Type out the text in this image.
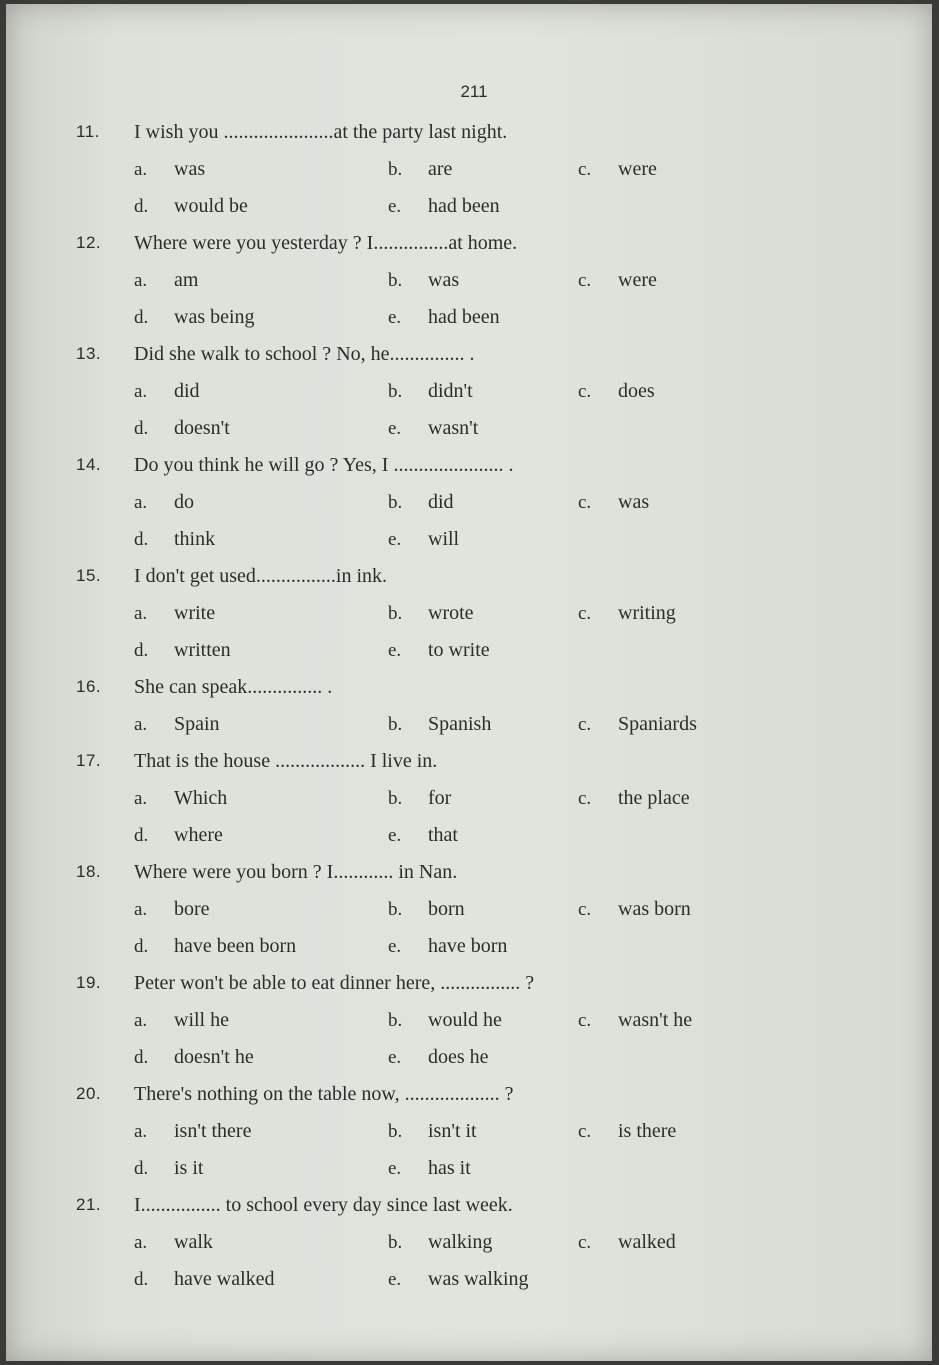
211
11.	I wish you ......................at the party last night.
a. was	b. are	c. were
d. would be	e. had been
12.	Where were you yesterday ? I...............at home.
a. am	b. was	c. were
d. was being	e. had been
13.	Did she walk to school ? No, he............... .
a. did	b. didn't	c. does
d. doesn't	e. wasn't
14.	Do you think he will go ? Yes, I ...................... .
a. do	b. did	c. was
d. think	e. will
15.	I don't get used................in ink.
a. write	b. wrote	c. writing
d. written	e. to write
16.	She can speak............... .
a. Spain	b. Spanish	c. Spaniards
17.	That is the house .................. I live in.
a. Which	b. for	c. the place
d. where	e. that
18.	Where were you born ? I............ in Nan.
a. bore	b. born	c. was born
d. have been born	e. have born
19.	Peter won't be able to eat dinner here, ................ ?
a. will he	b. would he	c. wasn't he
d. doesn't he	e. does he
20.	There's nothing on the table now, ................... ?
a. isn't there	b. isn't it	c. is there
d. is it	e. has it
21.	I................ to school every day since last week.
a. walk	b. walking	c. walked
d. have walked	e. was walking
